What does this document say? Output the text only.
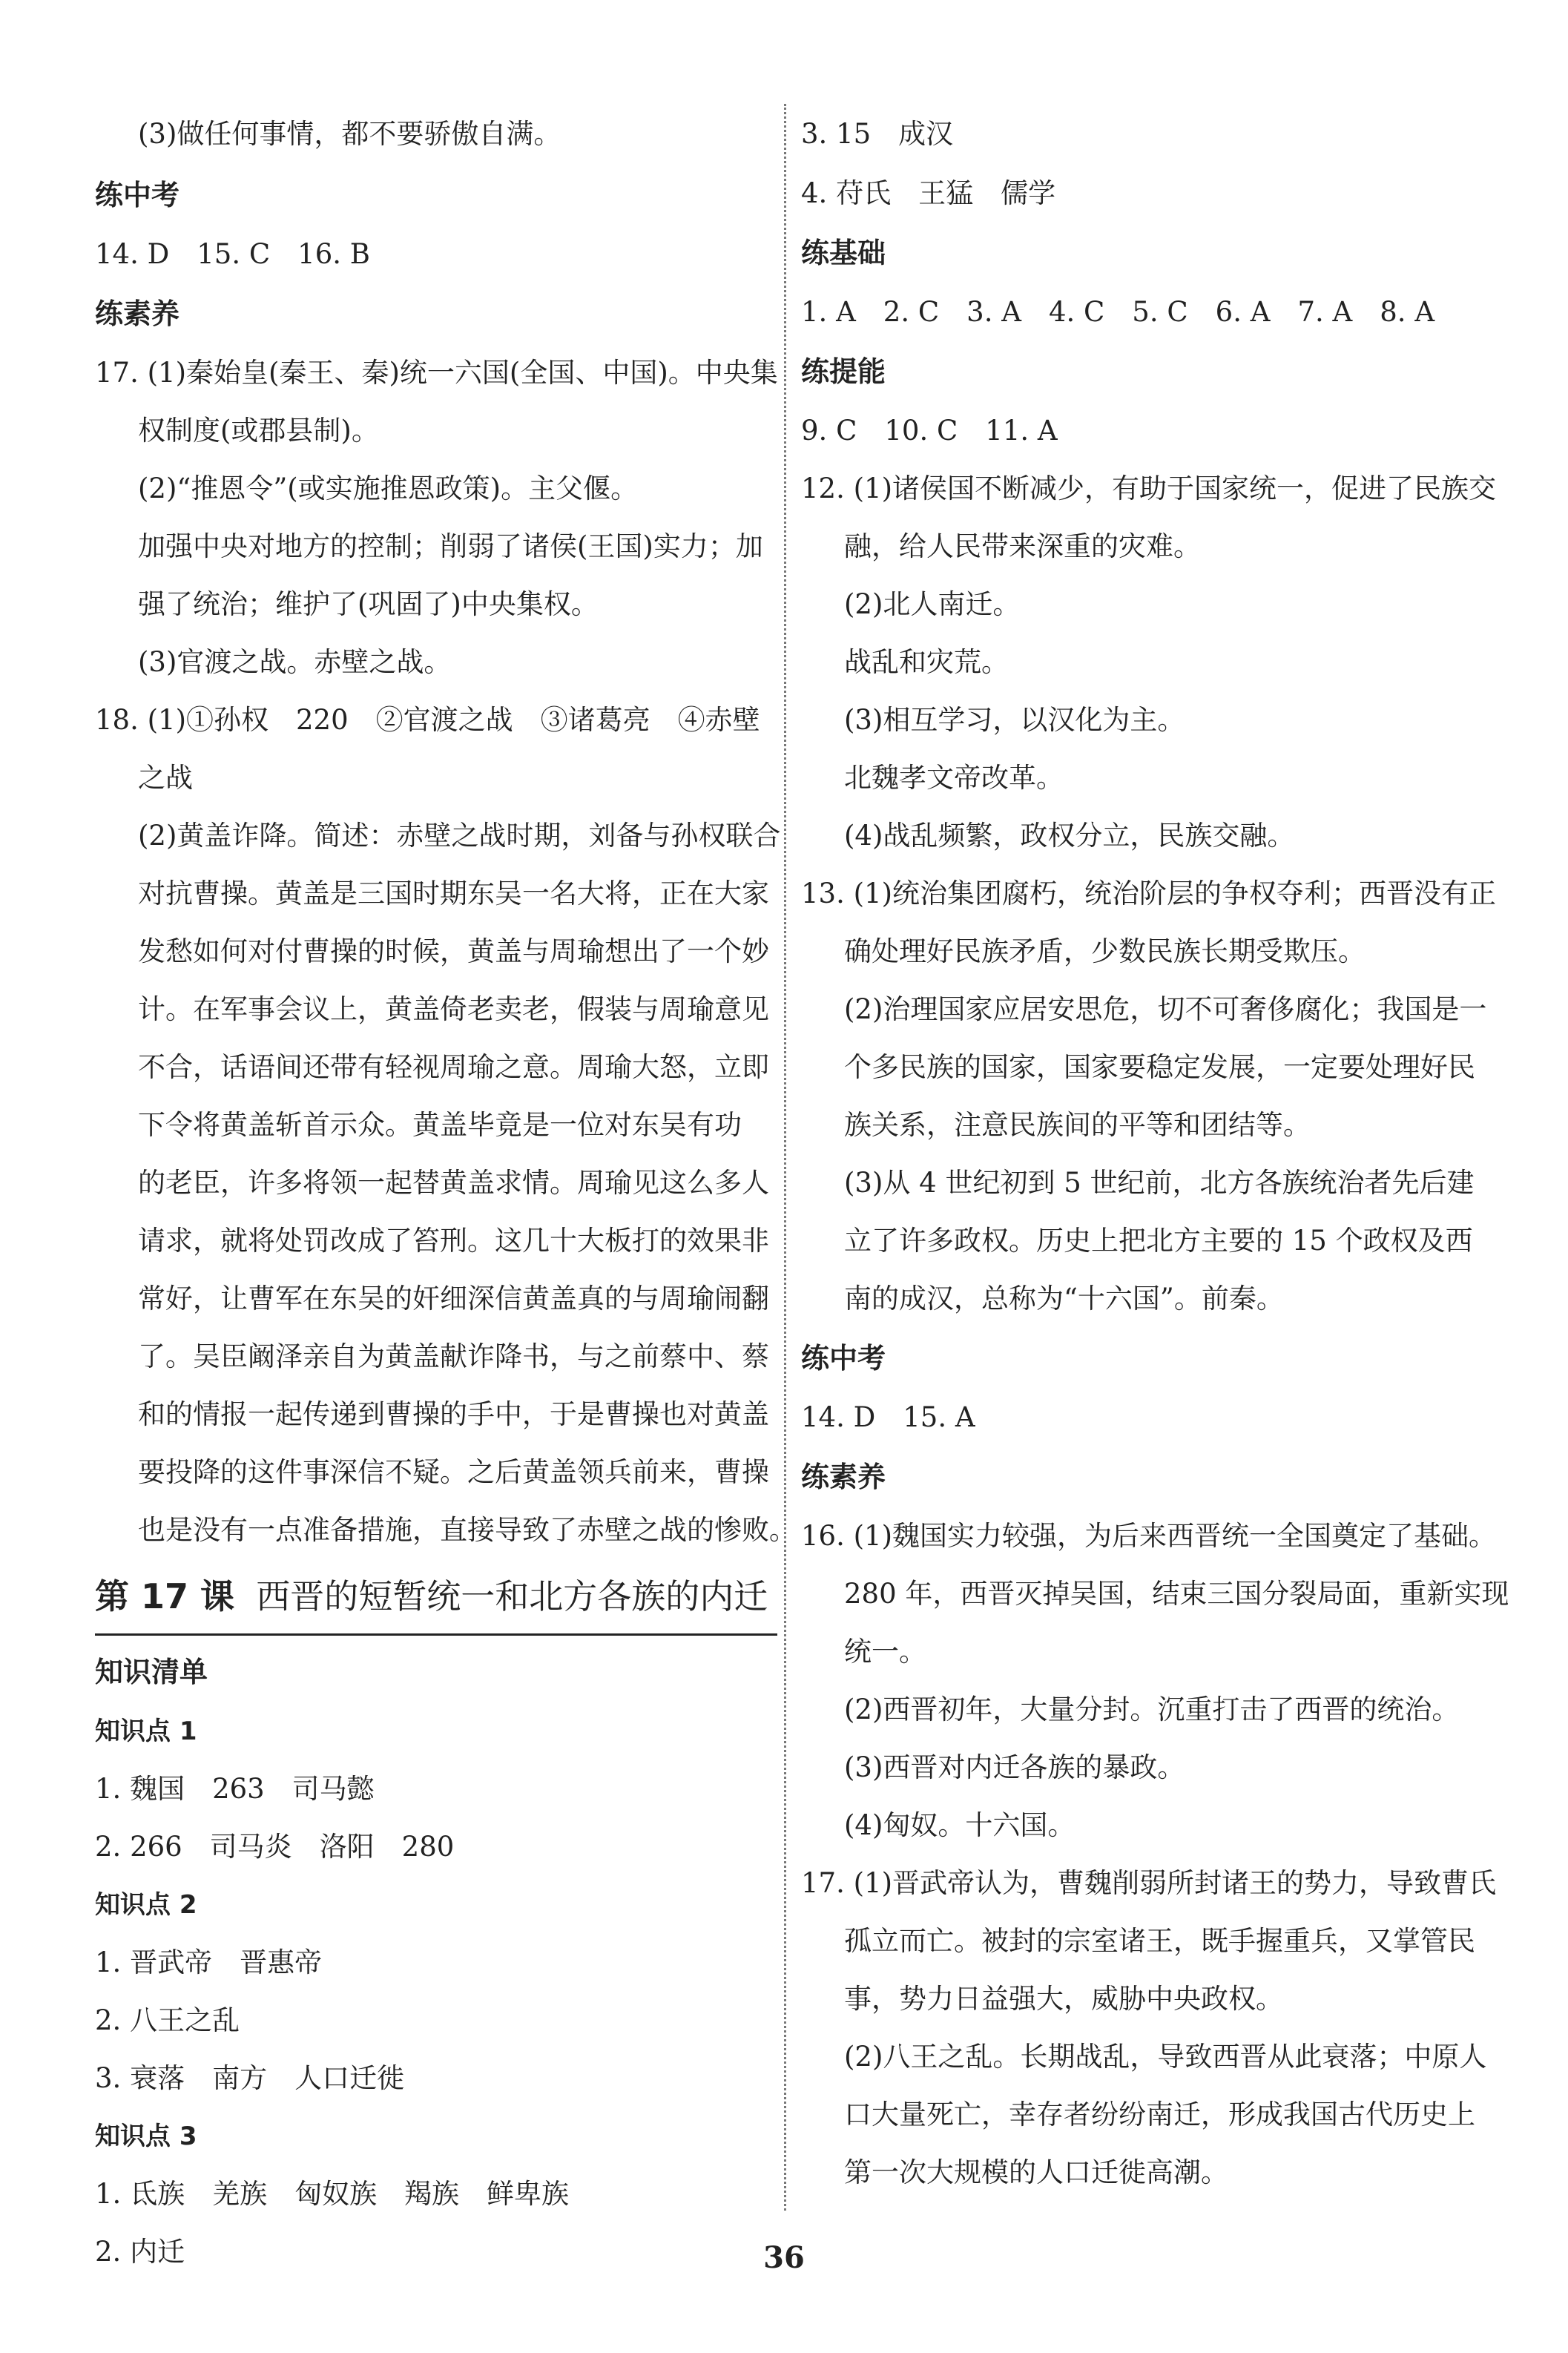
(3)做任何事情，都不要骄傲自满。
练中考
14. D　15. C　16. B
练素养
17. (1)秦始皇(秦王、秦)统一六国(全国、中国)。中央集
权制度(或郡县制)。
(2)“推恩令”(或实施推恩政策)。主父偃。
加强中央对地方的控制；削弱了诸侯(王国)实力；加
强了统治；维护了(巩固了)中央集权。
(3)官渡之战。赤壁之战。
18. (1)①孙权　220　②官渡之战　③诸葛亮　④赤壁
之战
(2)黄盖诈降。简述：赤壁之战时期，刘备与孙权联合
对抗曹操。黄盖是三国时期东吴一名大将，正在大家
发愁如何对付曹操的时候，黄盖与周瑜想出了一个妙
计。在军事会议上，黄盖倚老卖老，假装与周瑜意见
不合，话语间还带有轻视周瑜之意。周瑜大怒，立即
下令将黄盖斩首示众。黄盖毕竟是一位对东吴有功
的老臣，许多将领一起替黄盖求情。周瑜见这么多人
请求，就将处罚改成了笞刑。这几十大板打的效果非
常好，让曹军在东吴的奸细深信黄盖真的与周瑜闹翻
了。吴臣阚泽亲自为黄盖献诈降书，与之前蔡中、蔡
和的情报一起传递到曹操的手中，于是曹操也对黄盖
要投降的这件事深信不疑。之后黄盖领兵前来，曹操
也是没有一点准备措施，直接导致了赤壁之战的惨败。
第 17 课 西晋的短暂统一和北方各族的内迁
知识清单
知识点 1
1. 魏国　263　司马懿
2. 266　司马炎　洛阳　280
知识点 2
1. 晋武帝　晋惠帝
2. 八王之乱
3. 衰落　南方　人口迁徙
知识点 3
1. 氐族　羌族　匈奴族　羯族　鲜卑族
2. 内迁
3. 15　成汉
4. 苻氏　王猛　儒学
练基础
1. A　2. C　3. A　4. C　5. C　6. A　7. A　8. A
练提能
9. C　10. C　11. A
12. (1)诸侯国不断减少，有助于国家统一，促进了民族交
融，给人民带来深重的灾难。
(2)北人南迁。
战乱和灾荒。
(3)相互学习，以汉化为主。
北魏孝文帝改革。
(4)战乱频繁，政权分立，民族交融。
13. (1)统治集团腐朽，统治阶层的争权夺利；西晋没有正
确处理好民族矛盾，少数民族长期受欺压。
(2)治理国家应居安思危，切不可奢侈腐化；我国是一
个多民族的国家，国家要稳定发展，一定要处理好民
族关系，注意民族间的平等和团结等。
(3)从 4 世纪初到 5 世纪前，北方各族统治者先后建
立了许多政权。历史上把北方主要的 15 个政权及西
南的成汉，总称为“十六国”。前秦。
练中考
14. D　15. A
练素养
16. (1)魏国实力较强，为后来西晋统一全国奠定了基础。
280 年，西晋灭掉吴国，结束三国分裂局面，重新实现
统一。
(2)西晋初年，大量分封。沉重打击了西晋的统治。
(3)西晋对内迁各族的暴政。
(4)匈奴。十六国。
17. (1)晋武帝认为，曹魏削弱所封诸王的势力，导致曹氏
孤立而亡。被封的宗室诸王，既手握重兵，又掌管民
事，势力日益强大，威胁中央政权。
(2)八王之乱。长期战乱，导致西晋从此衰落；中原人
口大量死亡，幸存者纷纷南迁，形成我国古代历史上
第一次大规模的人口迁徙高潮。
36
